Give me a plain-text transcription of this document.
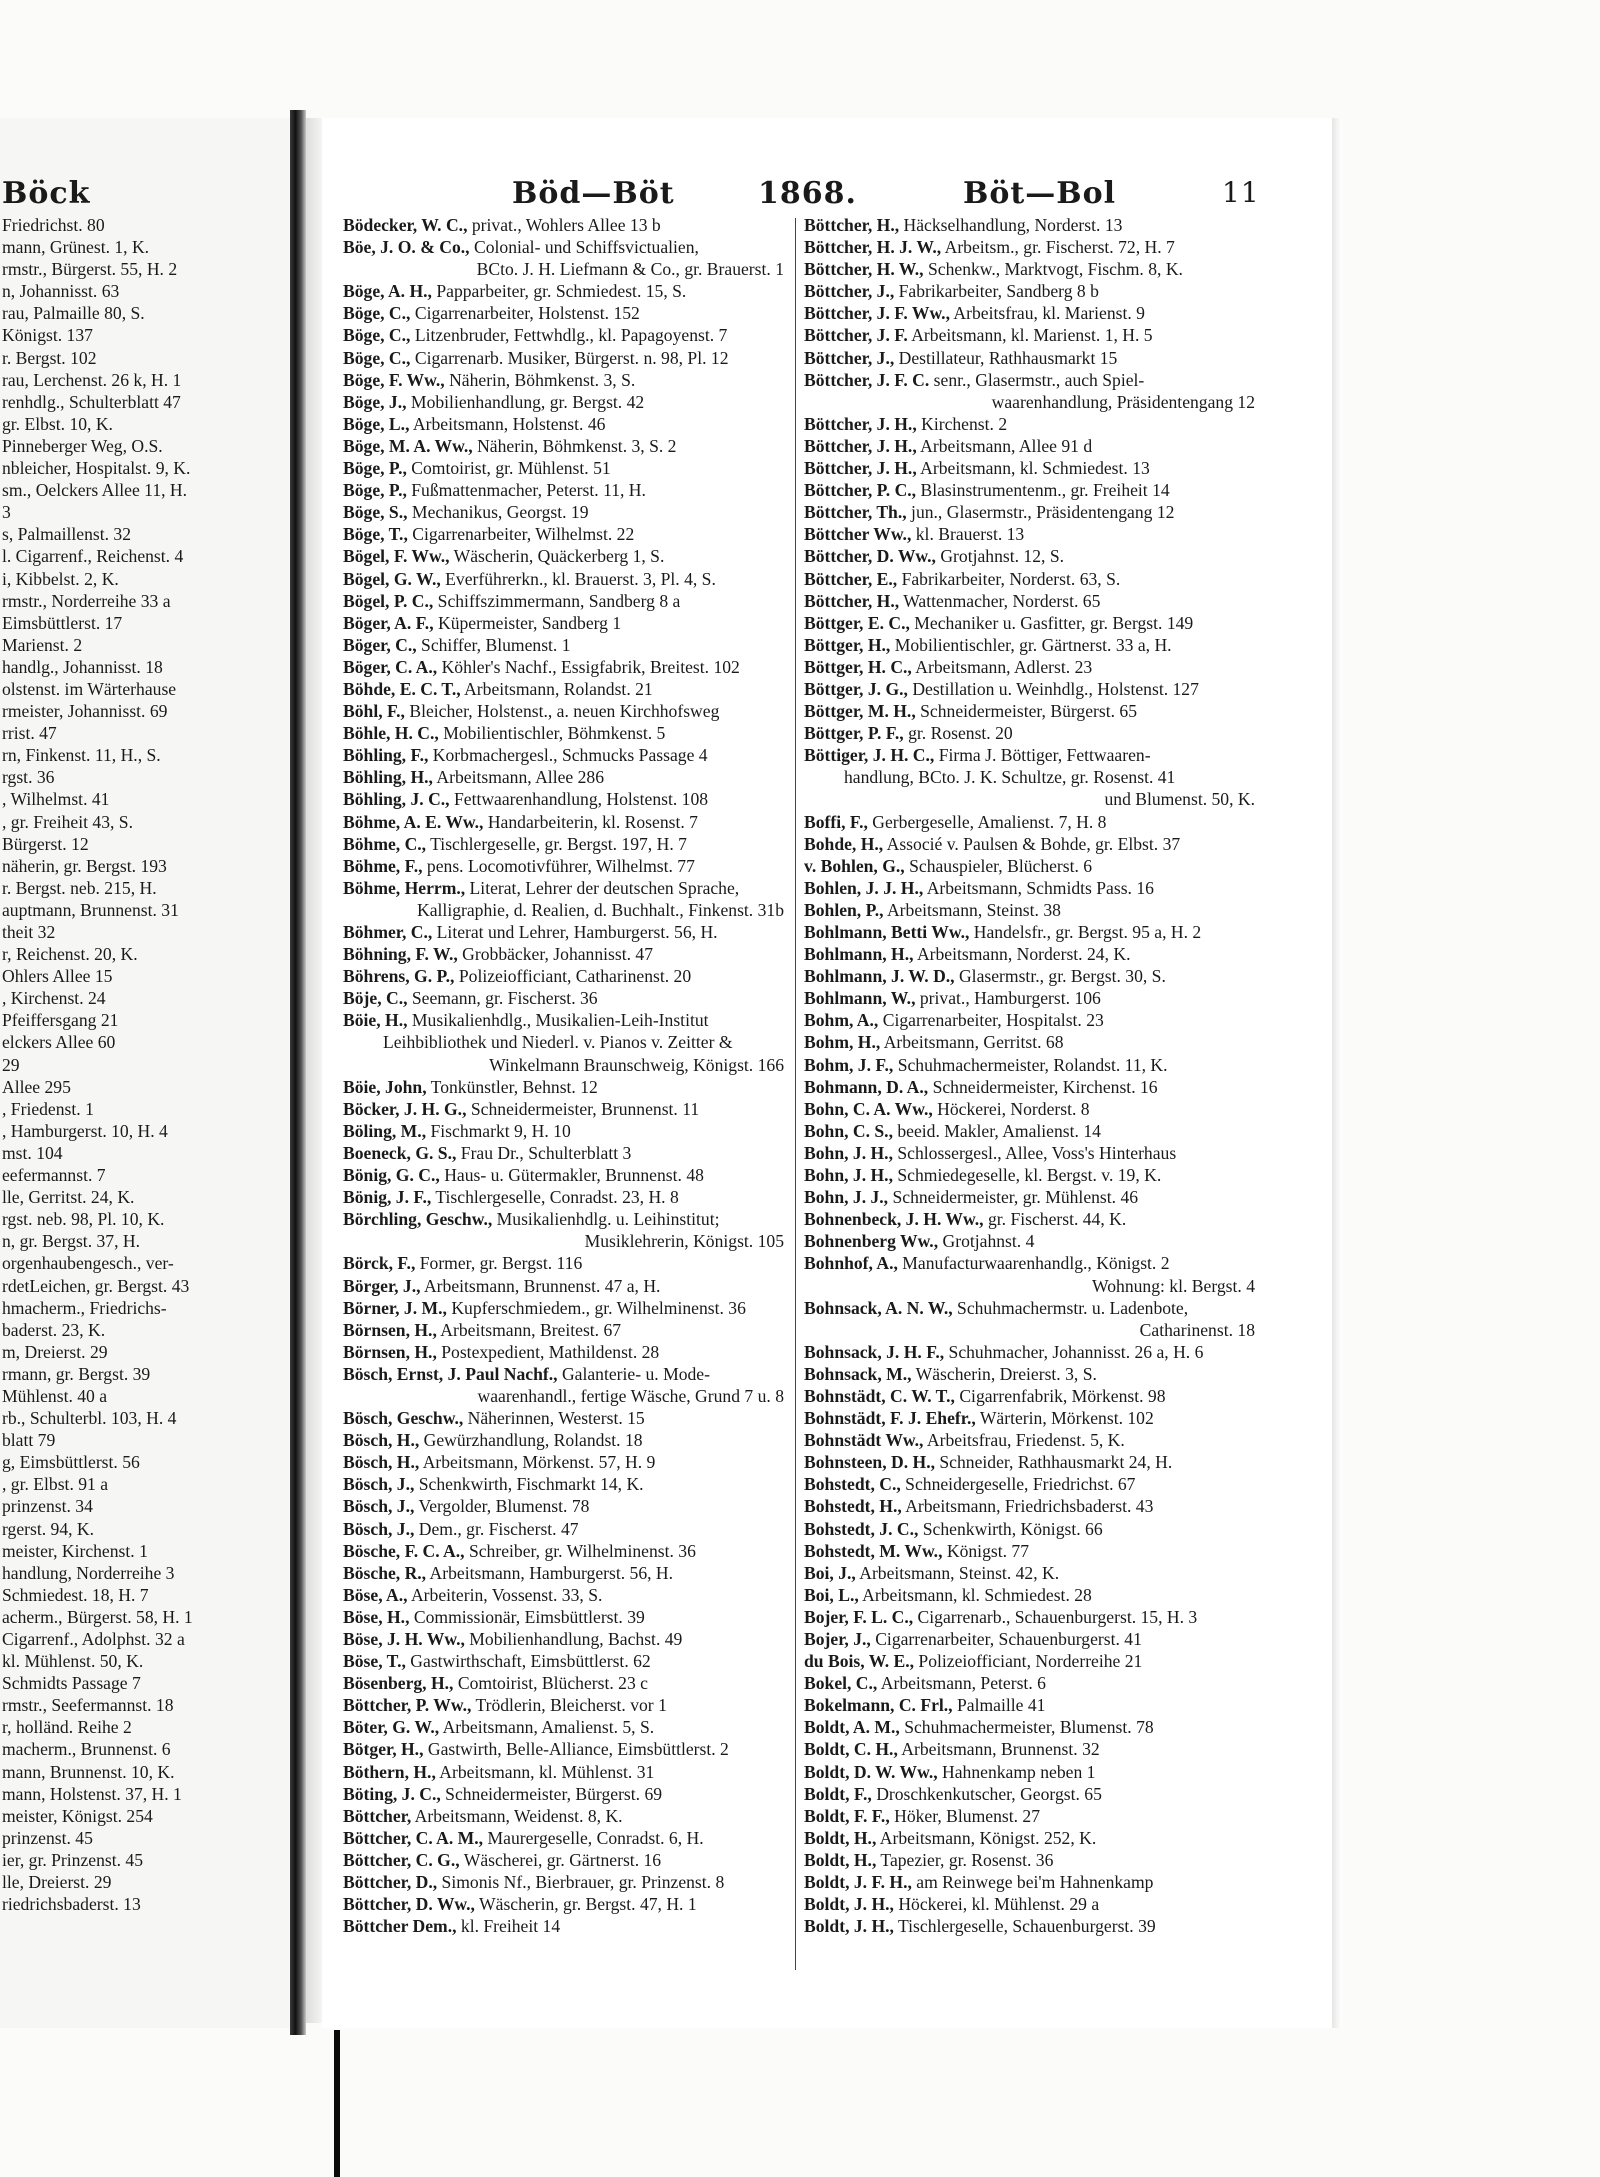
Böck
Friedrichst. 80
mann, Grünest. 1, K.
rmstr., Bürgerst. 55, H. 2
n, Johannisst. 63
rau, Palmaille 80, S.
Königst. 137
r. Bergst. 102
rau, Lerchenst. 26 k, H. 1
renhdlg., Schulterblatt 47
gr. Elbst. 10, K.
Pinneberger Weg, O.S.
nbleicher, Hospitalst. 9, K.
sm., Oelckers Allee 11, H.
3
s, Palmaillenst. 32
l. Cigarrenf., Reichenst. 4
i, Kibbelst. 2, K.
rmstr., Norderreihe 33 a
Eimsbüttlerst. 17
Marienst. 2
handlg., Johannisst. 18
olstenst. im Wärterhause
rmeister, Johannisst. 69
rrist. 47
rn, Finkenst. 11, H., S.
rgst. 36
, Wilhelmst. 41
, gr. Freiheit 43, S.
Bürgerst. 12
näherin, gr. Bergst. 193
r. Bergst. neb. 215, H.
auptmann, Brunnenst. 31
theit 32
r, Reichenst. 20, K.
Ohlers Allee 15
, Kirchenst. 24
Pfeiffersgang 21
elckers Allee 60
29
Allee 295
, Friedenst. 1
, Hamburgerst. 10, H. 4
mst. 104
eefermannst. 7
lle, Gerritst. 24, K.
rgst. neb. 98, Pl. 10, K.
n, gr. Bergst. 37, H.
orgenhaubengesch., ver-
rdetLeichen, gr. Bergst. 43
hmacherm., Friedrichs-
baderst. 23, K.
m, Dreierst. 29
rmann, gr. Bergst. 39
Mühlenst. 40 a
rb., Schulterbl. 103, H. 4
blatt 79
g, Eimsbüttlerst. 56
, gr. Elbst. 91 a
prinzenst. 34
rgerst. 94, K.
meister, Kirchenst. 1
handlung, Norderreihe 3
Schmiedest. 18, H. 7
acherm., Bürgerst. 58, H. 1
Cigarrenf., Adolphst. 32 a
kl. Mühlenst. 50, K.
Schmidts Passage 7
rmstr., Seefermannst. 18
r, holländ. Reihe 2
macherm., Brunnenst. 6
mann, Brunnenst. 10, K.
mann, Holstenst. 37, H. 1
meister, Königst. 254
prinzenst. 45
ier, gr. Prinzenst. 45
lle, Dreierst. 29
riedrichsbaderst. 13
Böd—Böt	1868.	Böt—Bol	11
Bödecker, W. C., privat., Wohlers Allee 13 b
Böe, J. O. & Co., Colonial- und Schiffsvictualien,
BCto. J. H. Liefmann & Co., gr. Brauerst. 1
Böge, A. H., Papparbeiter, gr. Schmiedest. 15, S.
Böge, C., Cigarrenarbeiter, Holstenst. 152
Böge, C., Litzenbruder, Fettwhdlg., kl. Papagoyenst. 7
Böge, C., Cigarrenarb. Musiker, Bürgerst. n. 98, Pl. 12
Böge, F. Ww., Näherin, Böhmkenst. 3, S.
Böge, J., Mobilienhandlung, gr. Bergst. 42
Böge, L., Arbeitsmann, Holstenst. 46
Böge, M. A. Ww., Näherin, Böhmkenst. 3, S. 2
Böge, P., Comtoirist, gr. Mühlenst. 51
Böge, P., Fußmattenmacher, Peterst. 11, H.
Böge, S., Mechanikus, Georgst. 19
Böge, T., Cigarrenarbeiter, Wilhelmst. 22
Bögel, F. Ww., Wäscherin, Quäckerberg 1, S.
Bögel, G. W., Everführerkn., kl. Brauerst. 3, Pl. 4, S.
Bögel, P. C., Schiffszimmermann, Sandberg 8 a
Böger, A. F., Küpermeister, Sandberg 1
Böger, C., Schiffer, Blumenst. 1
Böger, C. A., Köhler's Nachf., Essigfabrik, Breitest. 102
Böhde, E. C. T., Arbeitsmann, Rolandst. 21
Böhl, F., Bleicher, Holstenst., a. neuen Kirchhofsweg
Böhle, H. C., Mobilientischler, Böhmkenst. 5
Böhling, F., Korbmachergesl., Schmucks Passage 4
Böhling, H., Arbeitsmann, Allee 286
Böhling, J. C., Fettwaarenhandlung, Holstenst. 108
Böhme, A. E. Ww., Handarbeiterin, kl. Rosenst. 7
Böhme, C., Tischlergeselle, gr. Bergst. 197, H. 7
Böhme, F., pens. Locomotivführer, Wilhelmst. 77
Böhme, Herrm., Literat, Lehrer der deutschen Sprache,
Kalligraphie, d. Realien, d. Buchhalt., Finkenst. 31b
Böhmer, C., Literat und Lehrer, Hamburgerst. 56, H.
Böhning, F. W., Grobbäcker, Johannisst. 47
Böhrens, G. P., Polizeiofficiant, Catharinenst. 20
Böje, C., Seemann, gr. Fischerst. 36
Böie, H., Musikalienhdlg., Musikalien-Leih-Institut
Leihbibliothek und Niederl. v. Pianos v. Zeitter &
Winkelmann Braunschweig, Königst. 166
Böie, John, Tonkünstler, Behnst. 12
Böcker, J. H. G., Schneidermeister, Brunnenst. 11
Böling, M., Fischmarkt 9, H. 10
Boeneck, G. S., Frau Dr., Schulterblatt 3
Bönig, G. C., Haus- u. Gütermakler, Brunnenst. 48
Bönig, J. F., Tischlergeselle, Conradst. 23, H. 8
Börchling, Geschw., Musikalienhdlg. u. Leihinstitut;
Musiklehrerin, Königst. 105
Börck, F., Former, gr. Bergst. 116
Börger, J., Arbeitsmann, Brunnenst. 47 a, H.
Börner, J. M., Kupferschmiedem., gr. Wilhelminenst. 36
Börnsen, H., Arbeitsmann, Breitest. 67
Börnsen, H., Postexpedient, Mathildenst. 28
Bösch, Ernst, J. Paul Nachf., Galanterie- u. Mode-
waarenhandl., fertige Wäsche, Grund 7 u. 8
Bösch, Geschw., Näherinnen, Westerst. 15
Bösch, H., Gewürzhandlung, Rolandst. 18
Bösch, H., Arbeitsmann, Mörkenst. 57, H. 9
Bösch, J., Schenkwirth, Fischmarkt 14, K.
Bösch, J., Vergolder, Blumenst. 78
Bösch, J., Dem., gr. Fischerst. 47
Bösche, F. C. A., Schreiber, gr. Wilhelminenst. 36
Bösche, R., Arbeitsmann, Hamburgerst. 56, H.
Böse, A., Arbeiterin, Vossenst. 33, S.
Böse, H., Commissionär, Eimsbüttlerst. 39
Böse, J. H. Ww., Mobilienhandlung, Bachst. 49
Böse, T., Gastwirthschaft, Eimsbüttlerst. 62
Bösenberg, H., Comtoirist, Blücherst. 23 c
Böttcher, P. Ww., Trödlerin, Bleicherst. vor 1
Böter, G. W., Arbeitsmann, Amalienst. 5, S.
Bötger, H., Gastwirth, Belle-Alliance, Eimsbüttlerst. 2
Böthern, H., Arbeitsmann, kl. Mühlenst. 31
Böting, J. C., Schneidermeister, Bürgerst. 69
Böttcher, Arbeitsmann, Weidenst. 8, K.
Böttcher, C. A. M., Maurergeselle, Conradst. 6, H.
Böttcher, C. G., Wäscherei, gr. Gärtnerst. 16
Böttcher, D., Simonis Nf., Bierbrauer, gr. Prinzenst. 8
Böttcher, D. Ww., Wäscherin, gr. Bergst. 47, H. 1
Böttcher Dem., kl. Freiheit 14
Böttcher, H., Häckselhandlung, Norderst. 13
Böttcher, H. J. W., Arbeitsm., gr. Fischerst. 72, H. 7
Böttcher, H. W., Schenkw., Marktvogt, Fischm. 8, K.
Böttcher, J., Fabrikarbeiter, Sandberg 8 b
Böttcher, J. F. Ww., Arbeitsfrau, kl. Marienst. 9
Böttcher, J. F. Arbeitsmann, kl. Marienst. 1, H. 5
Böttcher, J., Destillateur, Rathhausmarkt 15
Böttcher, J. F. C. senr., Glasermstr., auch Spiel-
waarenhandlung, Präsidentengang 12
Böttcher, J. H., Kirchenst. 2
Böttcher, J. H., Arbeitsmann, Allee 91 d
Böttcher, J. H., Arbeitsmann, kl. Schmiedest. 13
Böttcher, P. C., Blasinstrumentenm., gr. Freiheit 14
Böttcher, Th., jun., Glasermstr., Präsidentengang 12
Böttcher Ww., kl. Brauerst. 13
Böttcher, D. Ww., Grotjahnst. 12, S.
Böttcher, E., Fabrikarbeiter, Norderst. 63, S.
Böttcher, H., Wattenmacher, Norderst. 65
Böttger, E. C., Mechaniker u. Gasfitter, gr. Bergst. 149
Böttger, H., Mobilientischler, gr. Gärtnerst. 33 a, H.
Böttger, H. C., Arbeitsmann, Adlerst. 23
Böttger, J. G., Destillation u. Weinhdlg., Holstenst. 127
Böttger, M. H., Schneidermeister, Bürgerst. 65
Böttger, P. F., gr. Rosenst. 20
Böttiger, J. H. C., Firma J. Böttiger, Fettwaaren-
handlung, BCto. J. K. Schultze, gr. Rosenst. 41
und Blumenst. 50, K.
Boffi, F., Gerbergeselle, Amalienst. 7, H. 8
Bohde, H., Associé v. Paulsen & Bohde, gr. Elbst. 37
v. Bohlen, G., Schauspieler, Blücherst. 6
Bohlen, J. J. H., Arbeitsmann, Schmidts Pass. 16
Bohlen, P., Arbeitsmann, Steinst. 38
Bohlmann, Betti Ww., Handelsfr., gr. Bergst. 95 a, H. 2
Bohlmann, H., Arbeitsmann, Norderst. 24, K.
Bohlmann, J. W. D., Glasermstr., gr. Bergst. 30, S.
Bohlmann, W., privat., Hamburgerst. 106
Bohm, A., Cigarrenarbeiter, Hospitalst. 23
Bohm, H., Arbeitsmann, Gerritst. 68
Bohm, J. F., Schuhmachermeister, Rolandst. 11, K.
Bohmann, D. A., Schneidermeister, Kirchenst. 16
Bohn, C. A. Ww., Höckerei, Norderst. 8
Bohn, C. S., beeid. Makler, Amalienst. 14
Bohn, J. H., Schlossergesl., Allee, Voss's Hinterhaus
Bohn, J. H., Schmiedegeselle, kl. Bergst. v. 19, K.
Bohn, J. J., Schneidermeister, gr. Mühlenst. 46
Bohnenbeck, J. H. Ww., gr. Fischerst. 44, K.
Bohnenberg Ww., Grotjahnst. 4
Bohnhof, A., Manufacturwaarenhandlg., Königst. 2
Wohnung: kl. Bergst. 4
Bohnsack, A. N. W., Schuhmachermstr. u. Ladenbote,
Catharinenst. 18
Bohnsack, J. H. F., Schuhmacher, Johannisst. 26 a, H. 6
Bohnsack, M., Wäscherin, Dreierst. 3, S.
Bohnstädt, C. W. T., Cigarrenfabrik, Mörkenst. 98
Bohnstädt, F. J. Ehefr., Wärterin, Mörkenst. 102
Bohnstädt Ww., Arbeitsfrau, Friedenst. 5, K.
Bohnsteen, D. H., Schneider, Rathhausmarkt 24, H.
Bohstedt, C., Schneidergeselle, Friedrichst. 67
Bohstedt, H., Arbeitsmann, Friedrichsbaderst. 43
Bohstedt, J. C., Schenkwirth, Königst. 66
Bohstedt, M. Ww., Königst. 77
Boi, J., Arbeitsmann, Steinst. 42, K.
Boi, L., Arbeitsmann, kl. Schmiedest. 28
Bojer, F. L. C., Cigarrenarb., Schauenburgerst. 15, H. 3
Bojer, J., Cigarrenarbeiter, Schauenburgerst. 41
du Bois, W. E., Polizeiofficiant, Norderreihe 21
Bokel, C., Arbeitsmann, Peterst. 6
Bokelmann, C. Frl., Palmaille 41
Boldt, A. M., Schuhmachermeister, Blumenst. 78
Boldt, C. H., Arbeitsmann, Brunnenst. 32
Boldt, D. W. Ww., Hahnenkamp neben 1
Boldt, F., Droschkenkutscher, Georgst. 65
Boldt, F. F., Höker, Blumenst. 27
Boldt, H., Arbeitsmann, Königst. 252, K.
Boldt, H., Tapezier, gr. Rosenst. 36
Boldt, J. F. H., am Reinwege bei'm Hahnenkamp
Boldt, J. H., Höckerei, kl. Mühlenst. 29 a
Boldt, J. H., Tischlergeselle, Schauenburgerst. 39
